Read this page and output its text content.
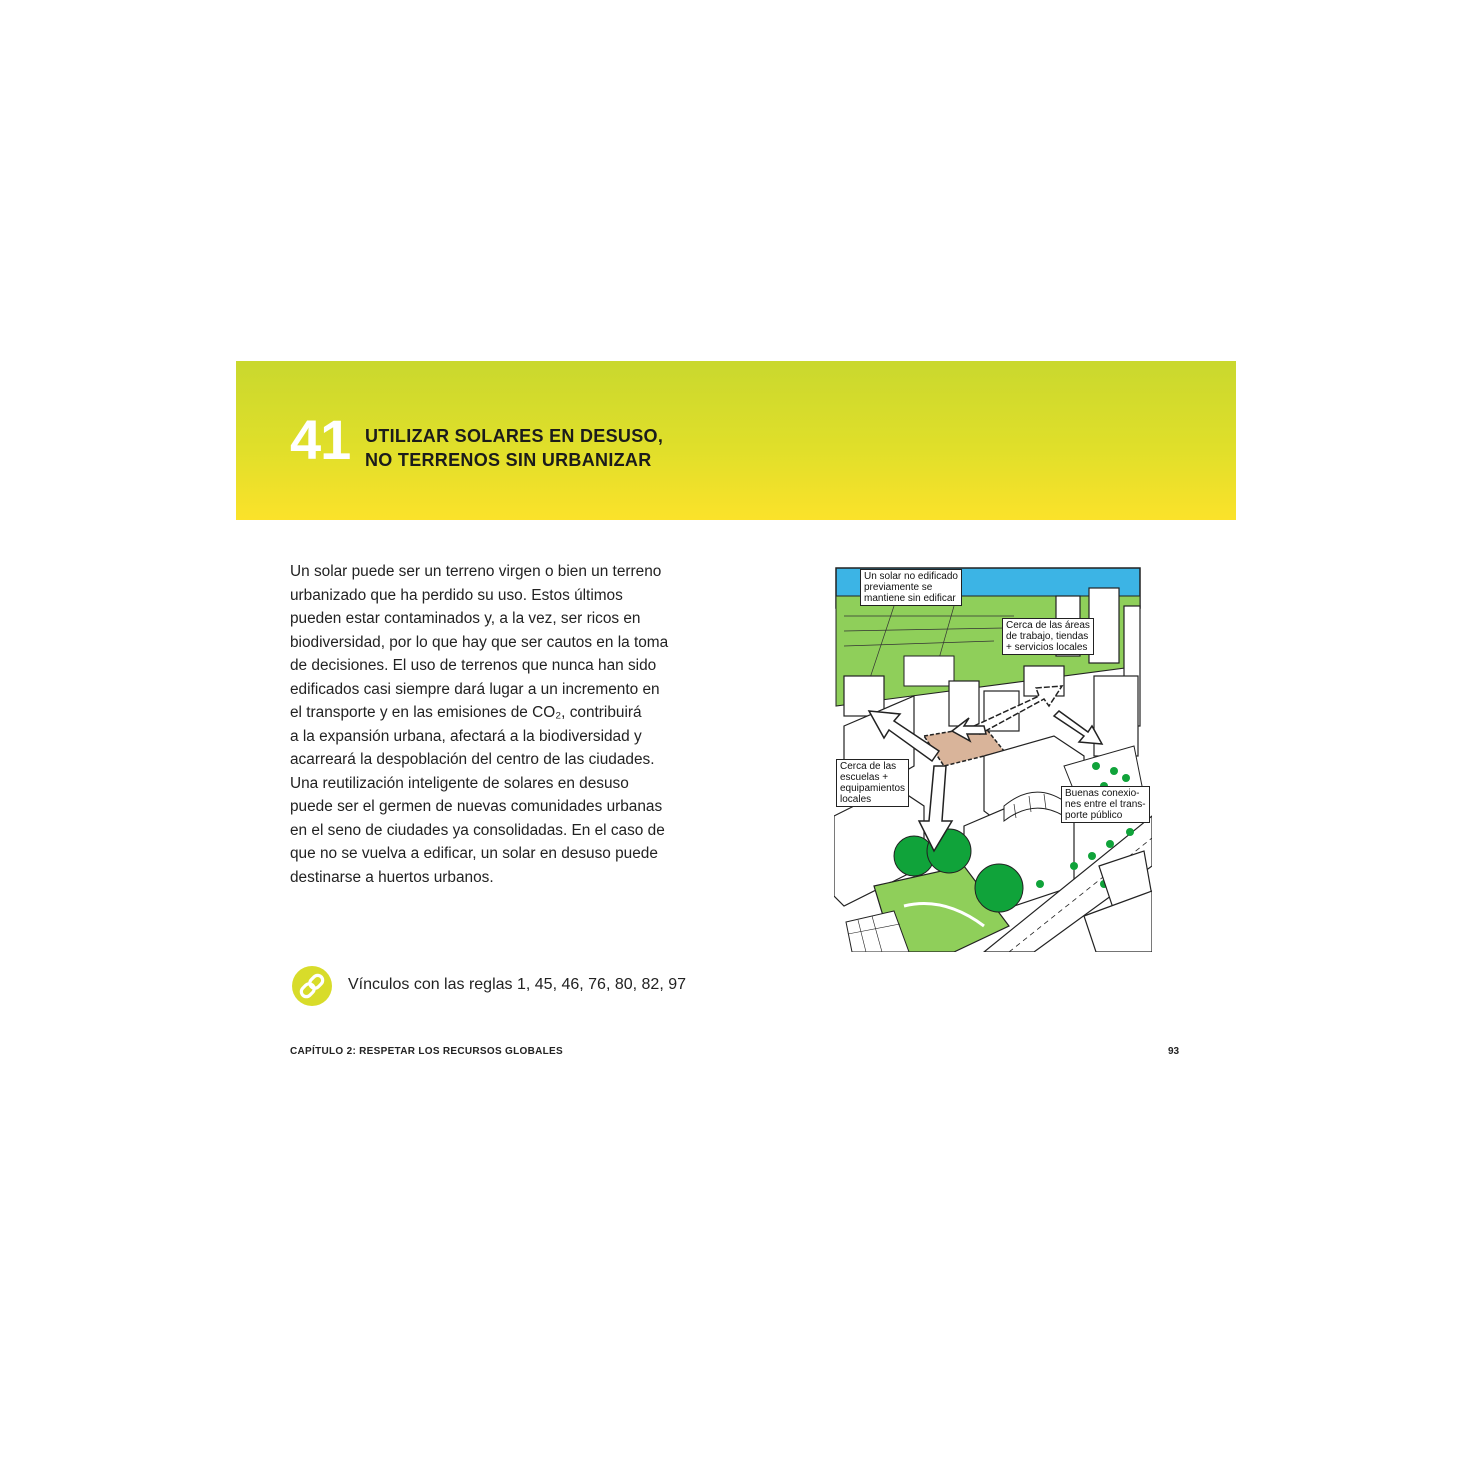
41 UTILIZAR SOLARES EN DESUSO,
NO TERRENOS SIN URBANIZAR
Un solar puede ser un terreno virgen o bien un terreno
urbanizado que ha perdido su uso. Estos últimos
pueden estar contaminados y, a la vez, ser ricos en
biodiversidad, por lo que hay que ser cautos en la toma
de decisiones. El uso de terrenos que nunca han sido
edificados casi siempre dará lugar a un incremento en
el transporte y en las emisiones de CO₂, contribuirá
a la expansión urbana, afectará a la biodiversidad y
acarreará la despoblación del centro de las ciudades.
Una reutilización inteligente de solares en desuso
puede ser el germen de nuevas comunidades urbanas
en el seno de ciudades ya consolidadas. En el caso de
que no se vuelva a edificar, un solar en desuso puede
destinarse a huertos urbanos.
Un solar no edificado
previamente se
mantiene sin edificar
Cerca de las áreas
de trabajo, tiendas
+ servicios locales
Cerca de las
escuelas +
equipamientos
locales
Buenas conexio-
nes entre el trans-
porte público
Vínculos con las reglas 1, 45, 46, 76, 80, 82, 97
CAPÍTULO 2: RESPETAR LOS RECURSOS GLOBALES	93
